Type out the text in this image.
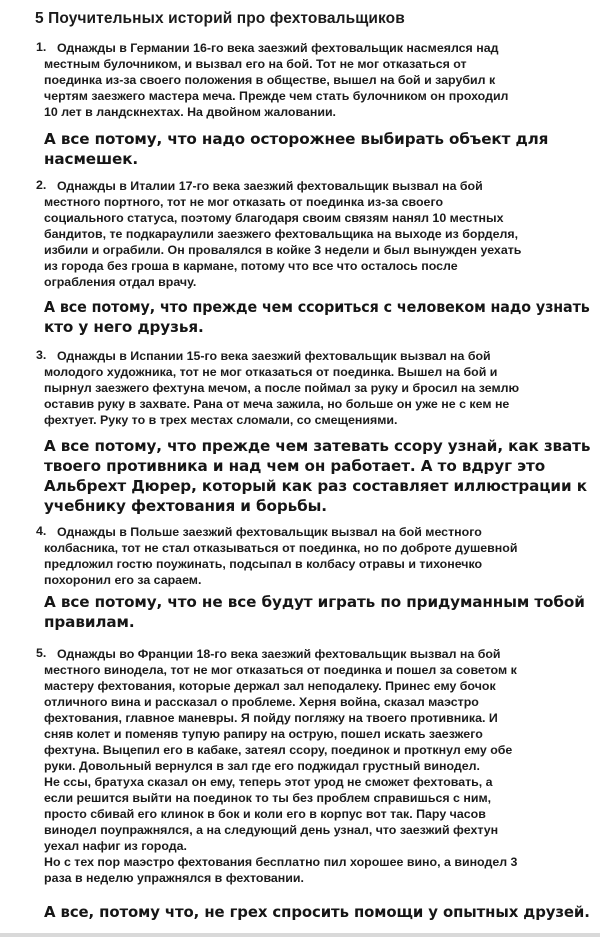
5 Поучительных историй про фехтовальщиков
1. Однажды в Германии 16-го века заезжий фехтовальщик насмеялся над
местным булочником, и вызвал его на бой. Тот не мог отказаться от
поединка из-за своего положения в обществе, вышел на бой и зарубил к
чертям заезжего мастера меча. Прежде чем стать булочником он проходил
10 лет в ландскнехтах. На двойном жаловании.
А все потому, что надо осторожнее выбирать объект для
насмешек.
2. Однажды в Италии 17-го века заезжий фехтовальщик вызвал на бой
местного портного, тот не мог отказать от поединка из-за своего
социального статуса, поэтому благодаря своим связям нанял 10 местных
бандитов, те подкараулили заезжего фехтовальщика на выходе из борделя,
избили и ограбили. Он провалялся в койке 3 недели и был вынужден уехать
из города без гроша в кармане, потому что все что осталось после
ограбления отдал врачу.
А все потому, что прежде чем ссориться с человеком надо узнать
кто у него друзья.
3. Однажды в Испании 15-го века заезжий фехтовальщик вызвал на бой
молодого художника, тот не мог отказаться от поединка. Вышел на бой и
пырнул заезжего фехтуна мечом, а после поймал за руку и бросил на землю
оставив руку в захвате. Рана от меча зажила, но больше он уже не с кем не
фехтует. Руку то в трех местах сломали, со смещениями.
А все потому, что прежде чем затевать ссору узнай, как звать
твоего противника и над чем он работает. А то вдруг это
Альбрехт Дюрер, который как раз составляет иллюстрации к
учебнику фехтования и борьбы.
4. Однажды в Польше заезжий фехтовальщик вызвал на бой местного
колбасника, тот не стал отказываться от поединка, но по доброте душевной
предложил гостю поужинать, подсыпал в колбасу отравы и тихонечко
похоронил его за сараем.
А все потому, что не все будут играть по придуманным тобой
правилам.
5. Однажды во Франции 18-го века заезжий фехтовальщик вызвал на бой
местного винодела, тот не мог отказаться от поединка и пошел за советом к
мастеру фехтования, которые держал зал неподалеку. Принес ему бочок
отличного вина и рассказал о проблеме. Херня война, сказал маэстро
фехтования, главное маневры. Я пойду погляжу на твоего противника. И
сняв колет и поменяв тупую рапиру на острую, пошел искать заезжего
фехтуна. Выцепил его в кабаке, затеял ссору, поединок и проткнул ему обе
руки. Довольный вернулся в зал где его поджидал грустный винодел.
Не ссы, братуха сказал он ему, теперь этот урод не сможет фехтовать, а
если решится выйти на поединок то ты без проблем справишься с ним,
просто сбивай его клинок в бок и коли его в корпус вот так. Пару часов
винодел поупражнялся, а на следующий день узнал, что заезжий фехтун
уехал нафиг из города.
Но с тех пор маэстро фехтования бесплатно пил хорошее вино, а винодел 3
раза в неделю упражнялся в фехтовании.
А все, потому что, не грех спросить помощи у опытных друзей.
